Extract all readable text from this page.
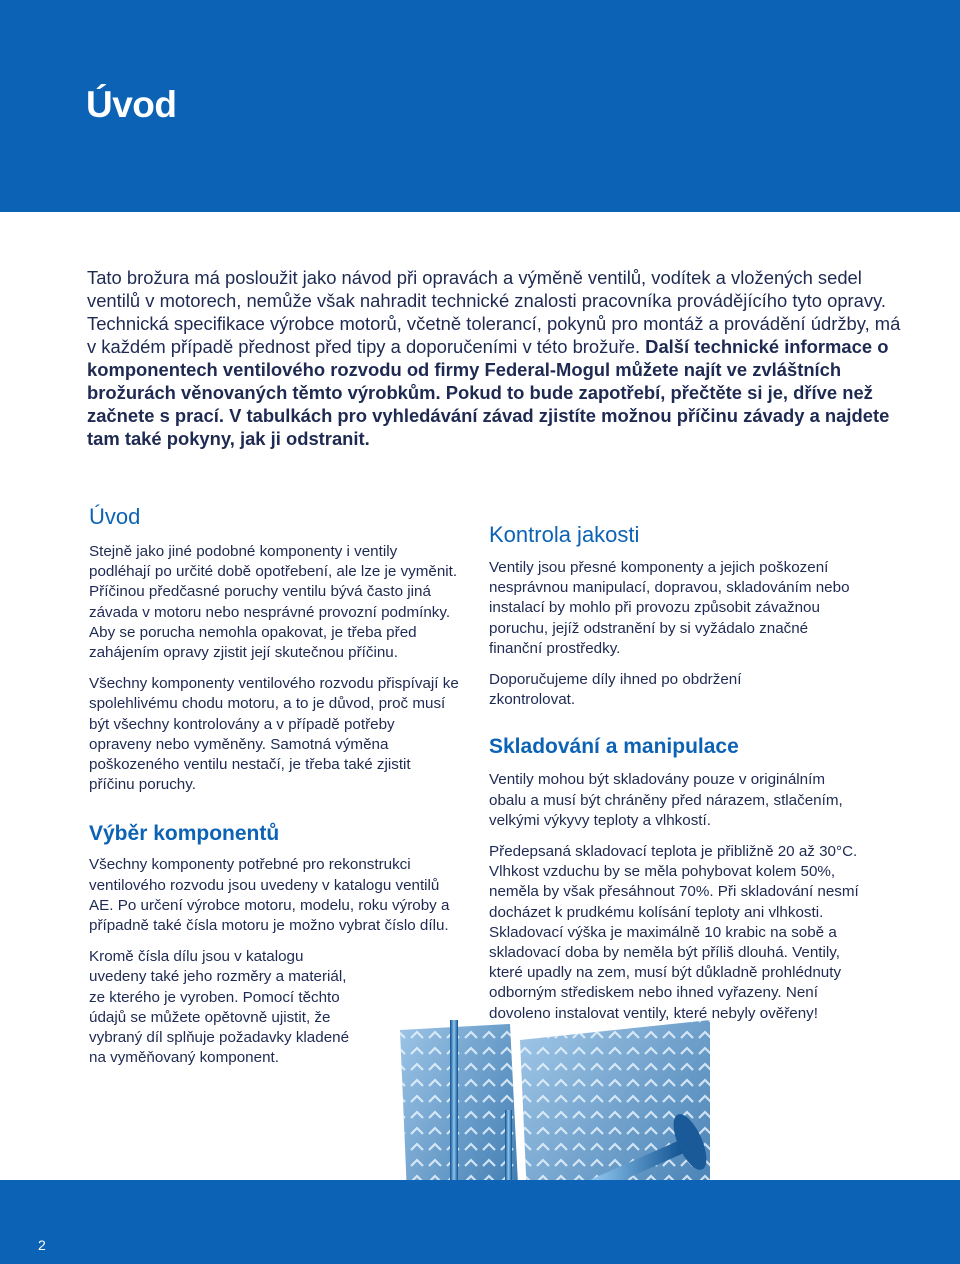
Úvod

Tato brožura má posloužit jako návod při opravách a výměně ventilů, vodítek a vložených sedel ventilů v motorech, nemůže však nahradit technické znalosti pracovníka provádějícího tyto opravy. Technická specifikace výrobce motorů, včetně tolerancí, pokynů pro montáž a provádění údržby, má v každém případě přednost před tipy a doporučeními v této brožuře. Další technické informace o komponentech ventilového rozvodu od firmy Federal-Mogul můžete najít ve zvláštních brožurách věnovaných těmto výrobkům. Pokud to bude zapotřebí, přečtěte si je, dříve než začnete s prací. V tabulkách pro vyhledávání závad zjistíte možnou příčinu závady a najdete tam také pokyny, jak ji odstranit.

Úvod

Stejně jako jiné podobné komponenty i ventily podléhají po určité době opotřebení, ale lze je vyměnit. Příčinou předčasné poruchy ventilu bývá často jiná závada v motoru nebo nesprávné provozní podmínky. Aby se porucha nemohla opakovat, je třeba před zahájením opravy zjistit její skutečnou příčinu.

Všechny komponenty ventilového rozvodu přispívají ke spolehlivému chodu motoru, a to je důvod, proč musí být všechny kontrolovány a v případě potřeby opraveny nebo vyměněny. Samotná výměna poškozeného ventilu nestačí, je třeba také zjistit příčinu poruchy.

Výběr komponentů

Všechny komponenty potřebné pro rekonstrukci ventilového rozvodu jsou uvedeny v katalogu ventilů AE. Po určení výrobce motoru, modelu, roku výroby a případně také čísla motoru je možno vybrat číslo dílu.

Kromě čísla dílu jsou v katalogu uvedeny také jeho rozměry a materiál, ze kterého je vyroben. Pomocí těchto údajů se můžete opětovně ujistit, že vybraný díl splňuje požadavky kladené na vyměňovaný komponent.

Kontrola jakosti

Ventily jsou přesné komponenty a jejich poškození nesprávnou manipulací, dopravou, skladováním nebo instalací by mohlo při provozu způsobit závažnou poruchu, jejíž odstranění by si vyžádalo značné finanční prostředky.

Doporučujeme díly ihned po obdržení zkontrolovat.

Skladování a manipulace

Ventily mohou být skladovány pouze v originálním obalu a musí být chráněny před nárazem, stlačením, velkými výkyvy teploty a vlhkostí.

Předepsaná skladovací teplota je přibližně 20 až 30°C. Vlhkost vzduchu by se měla pohybovat kolem 50%, neměla by však přesáhnout 70%. Při skladování nesmí docházet k prudkému kolísání teploty ani vlhkosti. Skladovací výška je maximálně 10 krabic na sobě a skladovací doba by neměla být příliš dlouhá. Ventily, které upadly na zem, musí být důkladně prohlédnuty odborným střediskem nebo ihned vyřazeny. Není dovoleno instalovat ventily, které nebyly ověřeny!

2
